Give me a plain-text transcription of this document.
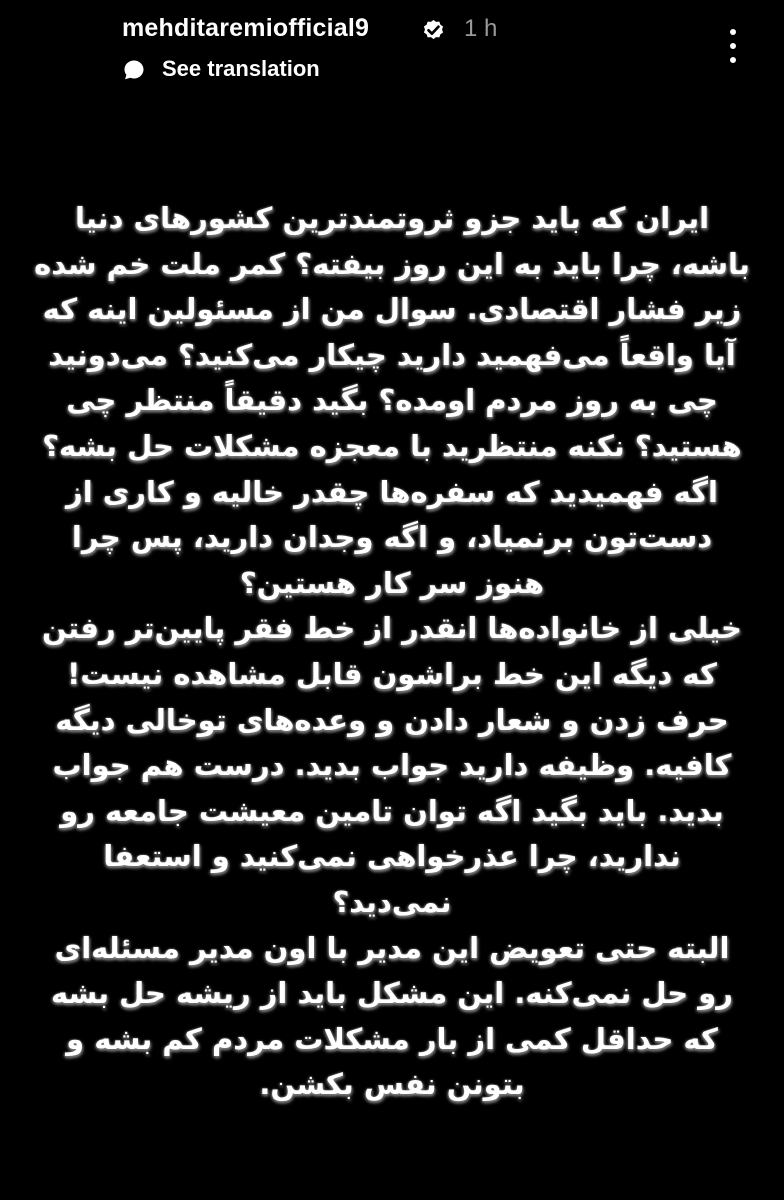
mehditaremiofficial9	1 h
See translation
ایران که باید جزو ثروتمندترین کشورهای دنیا
باشه، چرا باید به این روز بیفته؟ کمر ملت خم شده
زیر فشار اقتصادی. سوال من از مسئولین اینه که
آیا واقعاً می‌فهمید دارید چیکار می‌کنید؟ می‌دونید
چی به روز مردم اومده؟ بگید دقیقاً منتظر چی
هستید؟ نکنه منتظرید با معجزه مشکلات حل بشه؟
اگه فهمیدید که سفره‌ها چقدر خالیه و کاری از
دست‌تون برنمیاد، و اگه وجدان دارید، پس چرا
هنوز سر کار هستین؟
خیلی از خانواده‌ها انقدر از خط فقر پایین‌تر رفتن
که دیگه این خط براشون قابل مشاهده نیست!
حرف زدن و شعار دادن و وعده‌های توخالی دیگه
کافیه. وظیفه دارید جواب بدید. درست هم جواب
بدید. باید بگید اگه توان تامین معیشت جامعه رو
ندارید، چرا عذرخواهی نمی‌کنید و استعفا
نمی‌دید؟
البته حتی تعویض این مدیر با اون مدیر مسئله‌ای
رو حل نمی‌کنه. این مشکل باید از ریشه حل بشه
که حداقل کمی از بار مشکلات مردم کم بشه و
بتونن نفس بکشن.
